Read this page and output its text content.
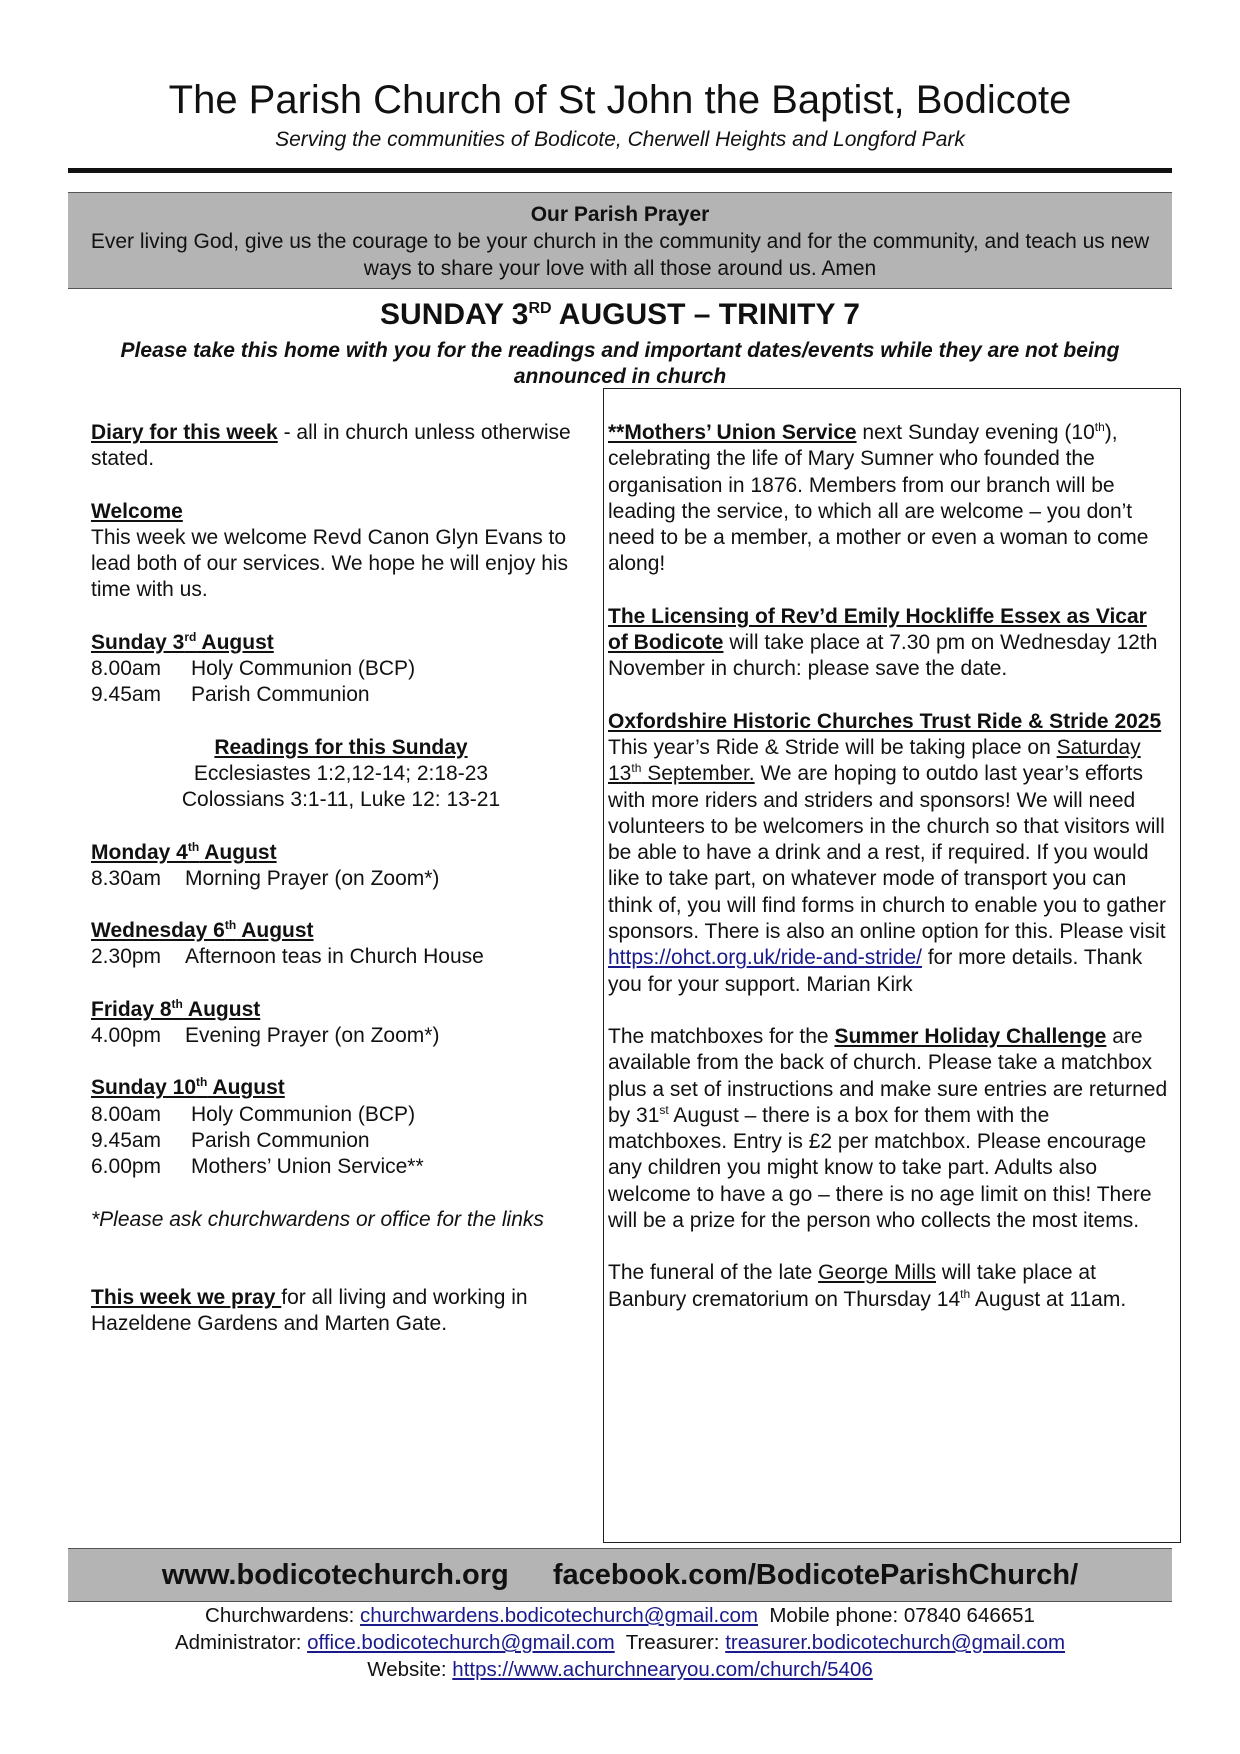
The Parish Church of St John the Baptist, Bodicote
Serving the communities of Bodicote, Cherwell Heights and Longford Park
Our Parish Prayer
Ever living God, give us the courage to be your church in the community and for the community, and teach us new ways to share your love with all those around us. Amen
SUNDAY 3RD AUGUST – TRINITY 7
Please take this home with you for the readings and important dates/events while they are not being announced in church

Diary for this week - all in church unless otherwise stated.

Welcome

This week we welcome Revd Canon Glyn Evans to lead both of our services. We hope he will enjoy his time with us.

Sunday 3rd August

8.00am Holy Communion (BCP)

9.45am Parish Communion

Readings for this Sunday

Ecclesiastes 1:2,12-14; 2:18-23

Colossians 3:1-11, Luke 12: 13-21

Monday 4th August

8.30am Morning Prayer (on Zoom*)

Wednesday 6th August

2.30pm Afternoon teas in Church House

Friday 8th August

4.00pm Evening Prayer (on Zoom*)

Sunday 10th August

8.00am Holy Communion (BCP)

9.45am Parish Communion

6.00pm Mothers’ Union Service**

*Please ask churchwardens or office for the links

This week we pray for all living and working in Hazeldene Gardens and Marten Gate.

**Mothers’ Union Service next Sunday evening (10th), celebrating the life of Mary Sumner who founded the organisation in 1876. Members from our branch will be leading the service, to which all are welcome – you don’t need to be a member, a mother or even a woman to come along!

The Licensing of Rev’d Emily Hockliffe Essex as Vicar of Bodicote will take place at 7.30 pm on Wednesday 12th November in church: please save the date.

Oxfordshire Historic Churches Trust Ride & Stride 2025 This year’s Ride & Stride will be taking place on Saturday 13th September. We are hoping to outdo last year’s efforts with more riders and striders and sponsors! We will need volunteers to be welcomers in the church so that visitors will be able to have a drink and a rest, if required. If you would like to take part, on whatever mode of transport you can think of, you will find forms in church to enable you to gather sponsors. There is also an online option for this. Please visit https://ohct.org.uk/ride-and-stride/ for more details. Thank you for your support. Marian Kirk

The matchboxes for the Summer Holiday Challenge are available from the back of church. Please take a matchbox plus a set of instructions and make sure entries are returned by 31st August – there is a box for them with the matchboxes. Entry is £2 per matchbox. Please encourage any children you might know to take part. Adults also welcome to have a go – there is no age limit on this! There will be a prize for the person who collects the most items.

The funeral of the late George Mills will take place at Banbury crematorium on Thursday 14th August at 11am.

www.bodicotechurch.org facebook.com/BodicoteParishChurch/
Churchwardens: churchwardens.bodicotechurch@gmail.com  Mobile phone: 07840 646651
Administrator: office.bodicotechurch@gmail.com  Treasurer: treasurer.bodicotechurch@gmail.com
Website: https://www.achurchnearyou.com/church/5406
